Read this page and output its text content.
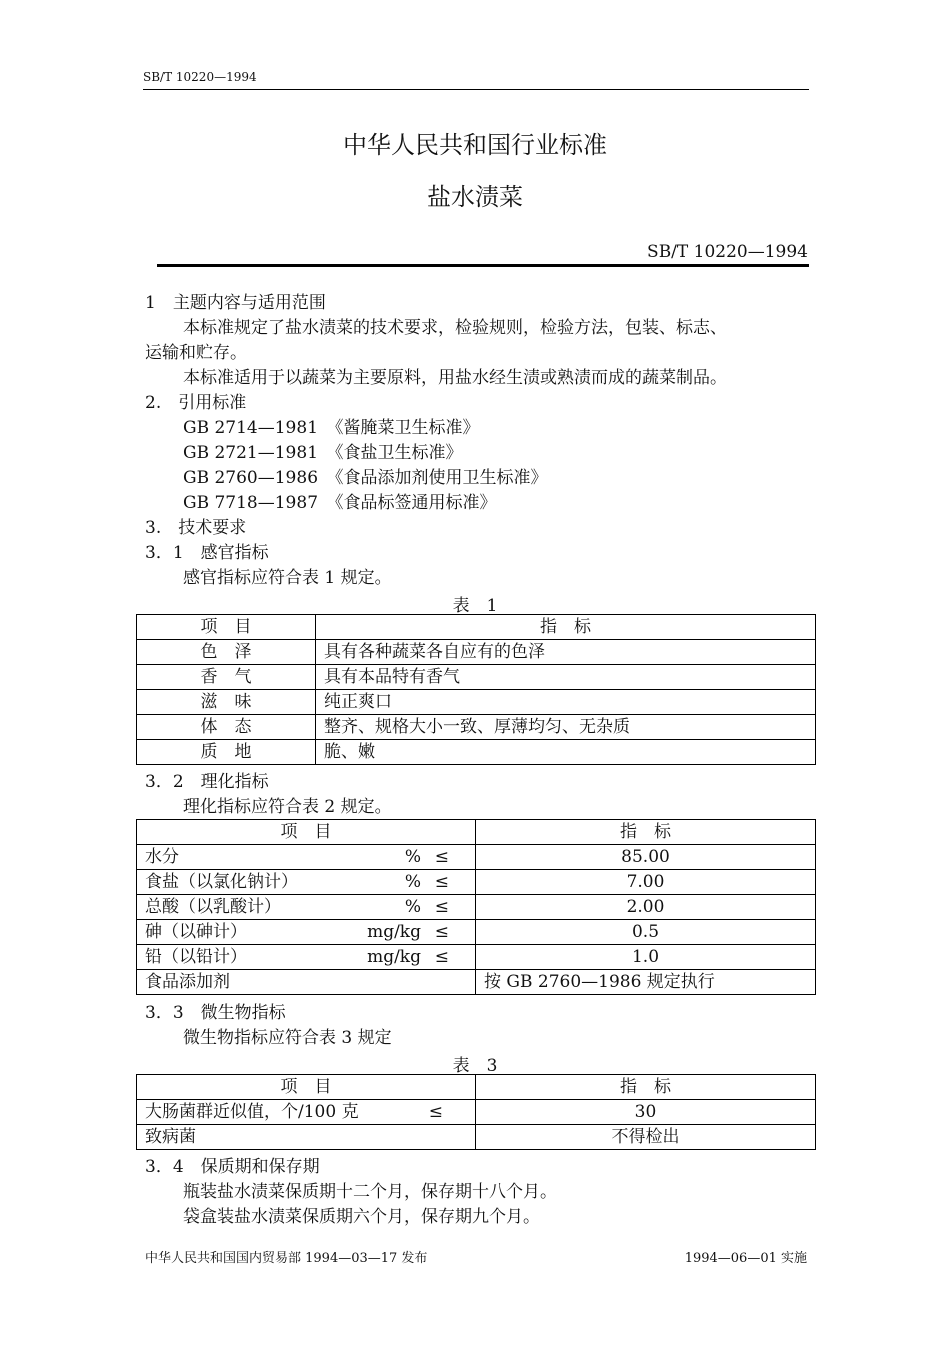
SB/T 10220—1994
中华人民共和国行业标准
盐水渍菜
SB/T 10220—1994
1　主题内容与适用范围
本标准规定了盐水渍菜的技术要求，检验规则，检验方法，包装、标志、
运输和贮存。
本标准适用于以蔬菜为主要原料，用盐水经生渍或熟渍而成的蔬菜制品。
2.　引用标准
GB 2714—1981　《酱腌菜卫生标准》
GB 2721—1981　《食盐卫生标准》
GB 2760—1986　《食品添加剂使用卫生标准》
GB 7718—1987　《食品标签通用标准》
3.　技术要求
3．1　感官指标
感官指标应符合表 1 规定。
表　1
项　目	指　标
色　泽	具有各种蔬菜各自应有的色泽
香　气	具有本品特有香气
滋　味	纯正爽口
体　态	整齐、规格大小一致、厚薄均匀、无杂质
质　地	脆、嫩
3．2　理化指标
理化指标应符合表 2 规定。
项　目	指　标
水分 % ≤	85.00
食盐（以氯化钠计） % ≤	7.00
总酸（以乳酸计） % ≤	2.00
砷（以砷计） mg/kg ≤	0.5
铅（以铅计） mg/kg ≤	1.0
食品添加剂	按 GB 2760—1986 规定执行
3．3　微生物指标
微生物指标应符合表 3 规定
表　3
项　目	指　标
大肠菌群近似值，个/100 克 ≤	30
致病菌	不得检出
3．4　保质期和保存期
瓶装盐水渍菜保质期十二个月，保存期十八个月。
袋盒装盐水渍菜保质期六个月，保存期九个月。
中华人民共和国国内贸易部 1994—03—17 发布	1994—06—01 实施
